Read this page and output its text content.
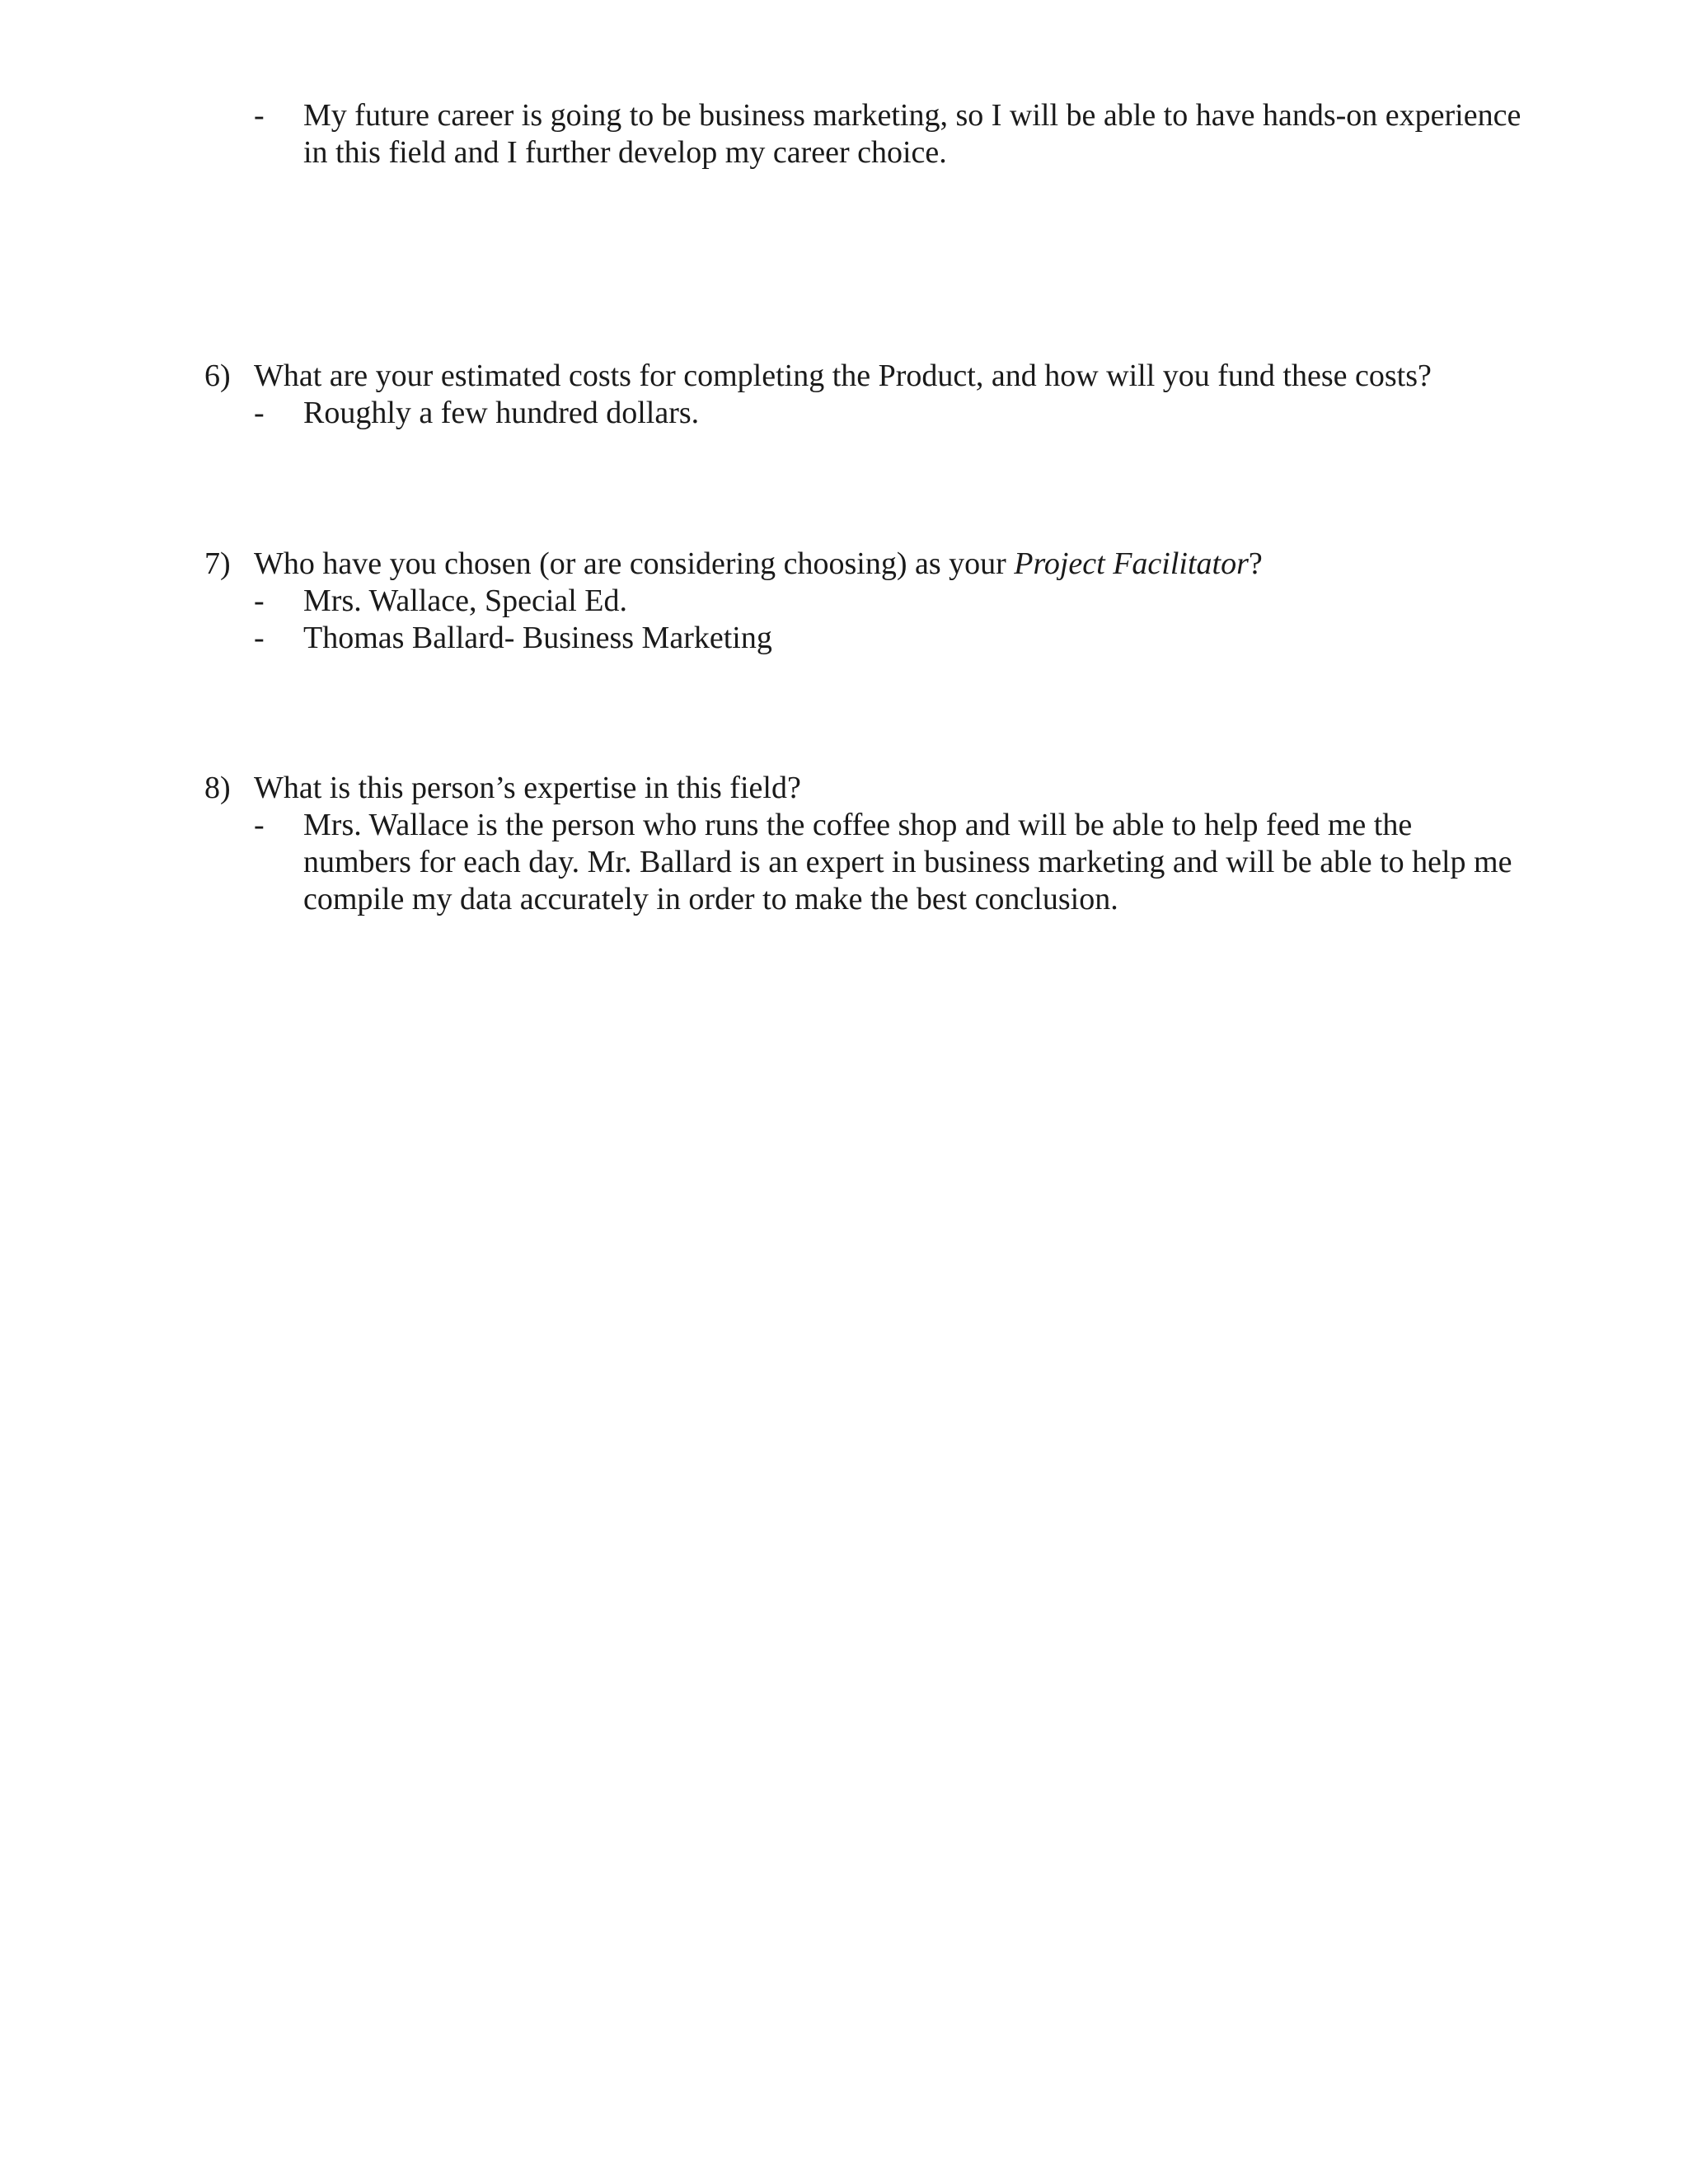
- My future career is going to be business marketing, so I will be able to have hands-on experience in this field and I further develop my career choice.
6) What are your estimated costs for completing the Product, and how will you fund these costs?
- Roughly a few hundred dollars.
7) Who have you chosen (or are considering choosing) as your Project Facilitator?
- Mrs. Wallace, Special Ed.
- Thomas Ballard- Business Marketing
8) What is this person’s expertise in this field?
- Mrs. Wallace is the person who runs the coffee shop and will be able to help feed me the numbers for each day. Mr. Ballard is an expert in business marketing and will be able to help me compile my data accurately in order to make the best conclusion.
